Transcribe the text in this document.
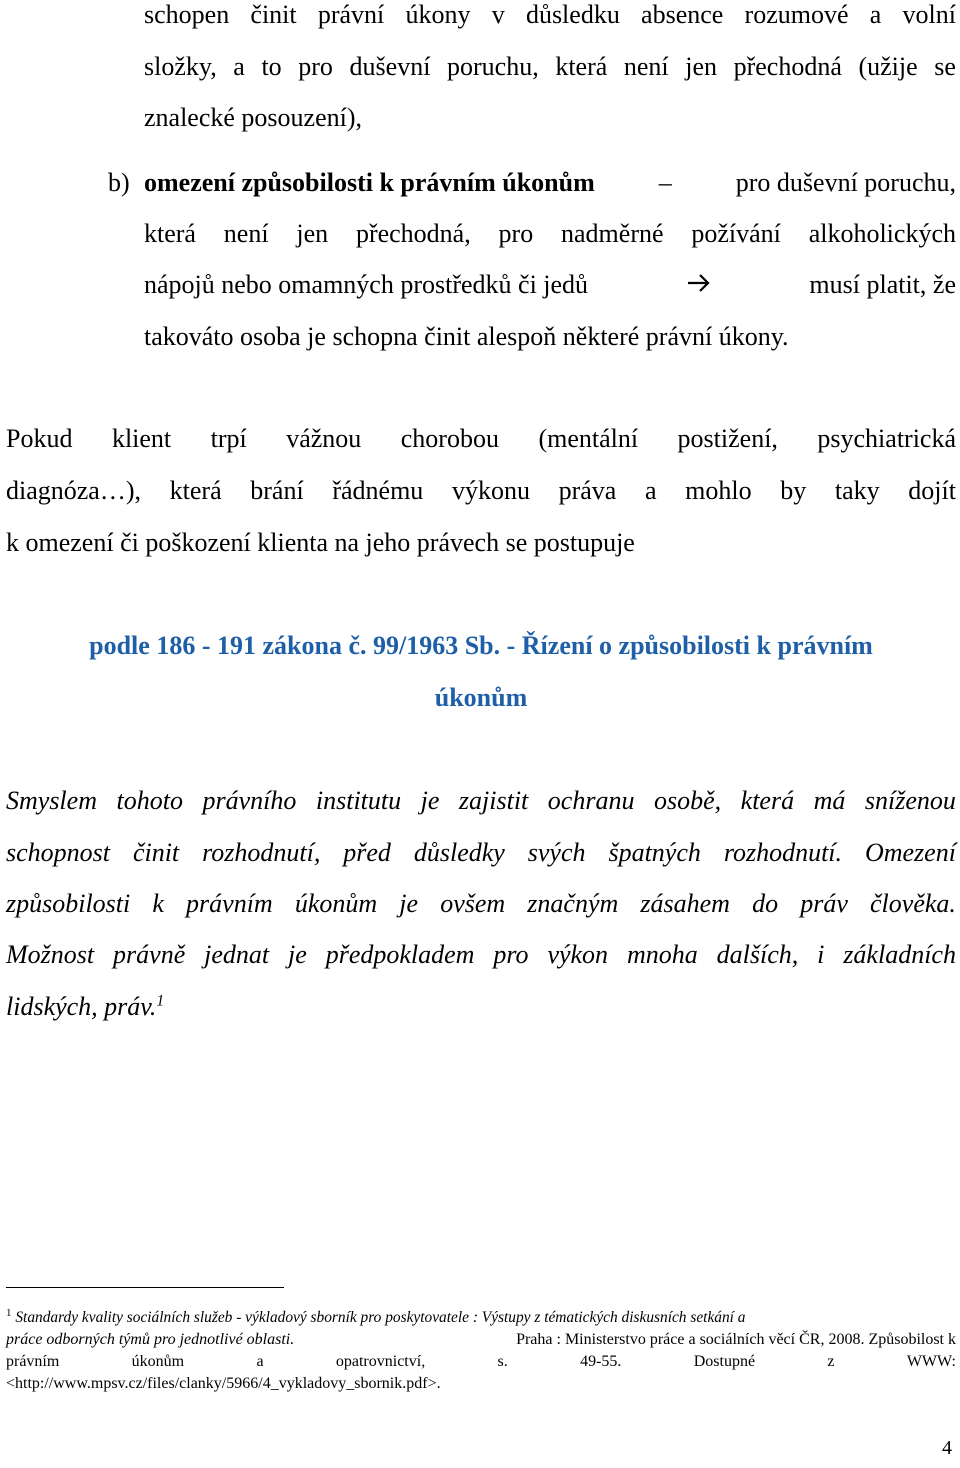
schopen činit právní úkony v důsledku absence rozumové a volní
složky, a to pro duševní poruchu, která není jen přechodná (užije se
znalecké posouzení),
b) omezení způsobilosti k právním úkonům – pro duševní poruchu,
která není jen přechodná, pro nadměrné požívání alkoholických
nápojů nebo omamných prostředků či jedů	musí platit, že
takováto osoba je schopna činit alespoň některé právní úkony.
Pokud klient trpí vážnou chorobou (mentální postižení, psychiatrická
diagnóza…), která brání řádnému výkonu práva a mohlo by taky dojít
k omezení či poškození klienta na jeho právech se postupuje
podle 186 - 191 zákona č. 99/1963 Sb. - Řízení o způsobilosti k právním
úkonům
Smyslem tohoto právního institutu je zajistit ochranu osobě, která má sníženou
schopnost činit rozhodnutí, před důsledky svých špatných rozhodnutí. Omezení
způsobilosti k právním úkonům je ovšem značným zásahem do práv člověka.
Možnost právně jednat je předpokladem pro výkon mnoha dalších, i základních
lidských, práv.$^1$
$^1$ Standardy kvality sociálních služeb - výkladový sborník pro poskytovatele : Výstupy z tématických diskusních setkání a
práce odborných týmů pro jednotlivé oblasti.	Praha : Ministerstvo práce a sociálních věcí ČR, 2008. Způsobilost k
právním	úkonům	a	opatrovnictví,	s.	49-55.	Dostupné	z	WWW:
<http://www.mpsv.cz/files/clanky/5966/4_vykladovy_sbornik.pdf>.
4
